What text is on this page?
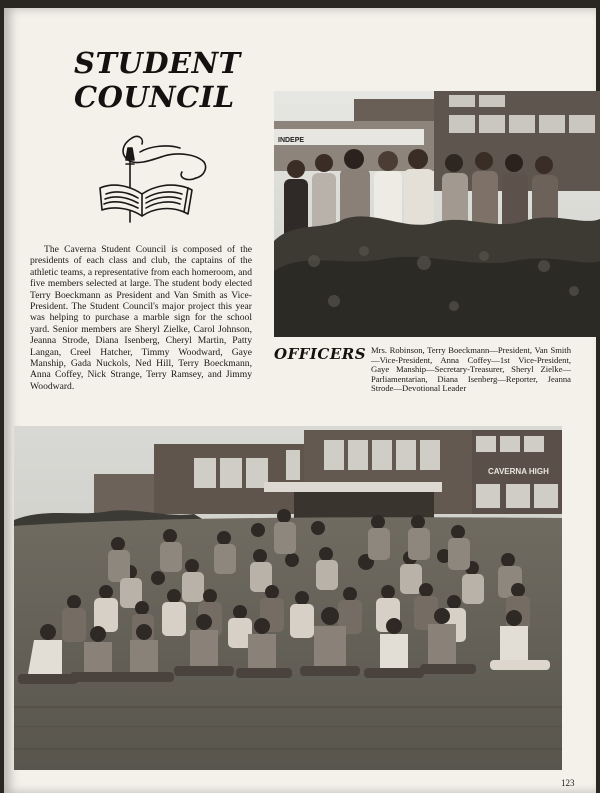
STUDENT
COUNCIL

The Caverna Student Council is composed of the presidents of each class and club, the captains of the athletic teams, a representative from each homeroom, and five members selected at large. The student body elected Terry Boeckmann as President and Van Smith as Vice-President. The Student Council's major project this year was helping to purchase a marble sign for the school yard. Senior members are Sheryl Zielke, Carol Johnson, Jeanna Strode, Diana Isenberg, Cheryl Martin, Patty Langan, Creel Hatcher, Timmy Woodward, Gaye Manship, Gada Nuckols, Ned Hill, Terry Boeckmann, Anna Coffey, Nick Strange, Terry Ramsey, and Jimmy Woodward.

INDEPE
OFFICERS Mrs. Robinson, Terry Boeckmann—President, Van Smith—Vice-President, Anna Coffey—1st Vice-President, Gaye Manship—Secretary-Treasurer, Sheryl Zielke—Parliamentarian, Diana Isenberg—Reporter, Jeanna Strode—Devotional Leader

CAVERNA HIGH
123
